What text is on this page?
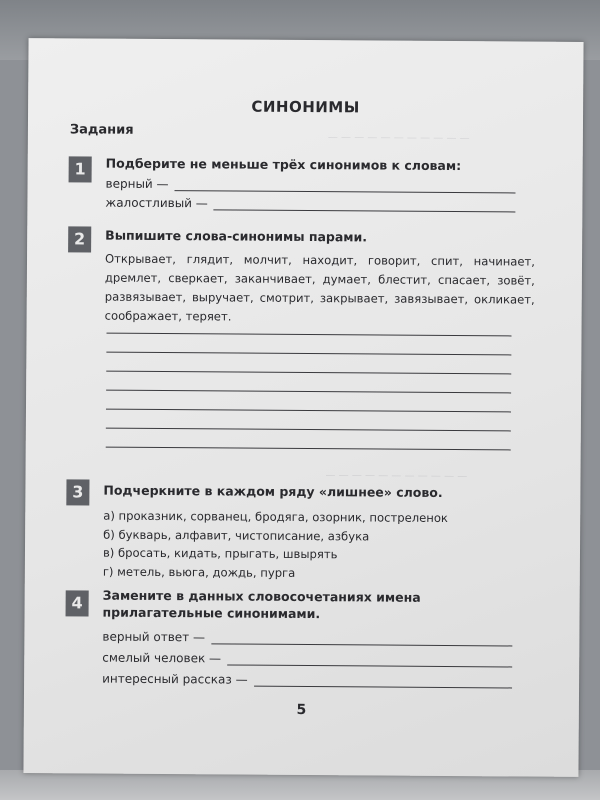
— — — — — — — — — — —
— — — — — — — — — — —
СИНОНИМЫ
Задания
1	Подберите не меньше трёх синонимов к словам:
верный —
жалостливый —
2	Выпишите слова-синонимы парами.
Открывает, глядит, молчит, находит, говорит, спит, начинает, дремлет, сверкает, заканчивает, думает, блестит, спасает, зовёт, развязывает, выручает, смотрит, закрывает, завязывает, окликает, соображает, теряет.
3	Подчеркните в каждом ряду «лишнее» слово.
а) проказник, сорванец, бродяга, озорник, постреленок
б) букварь, алфавит, чистописание, азбука
в) бросать, кидать, прыгать, швырять
г) метель, вьюга, дождь, пурга
4	Замените в данных словосочетаниях имена прилагательные синонимами.
верный ответ —
смелый человек —
интересный рассказ —
5
